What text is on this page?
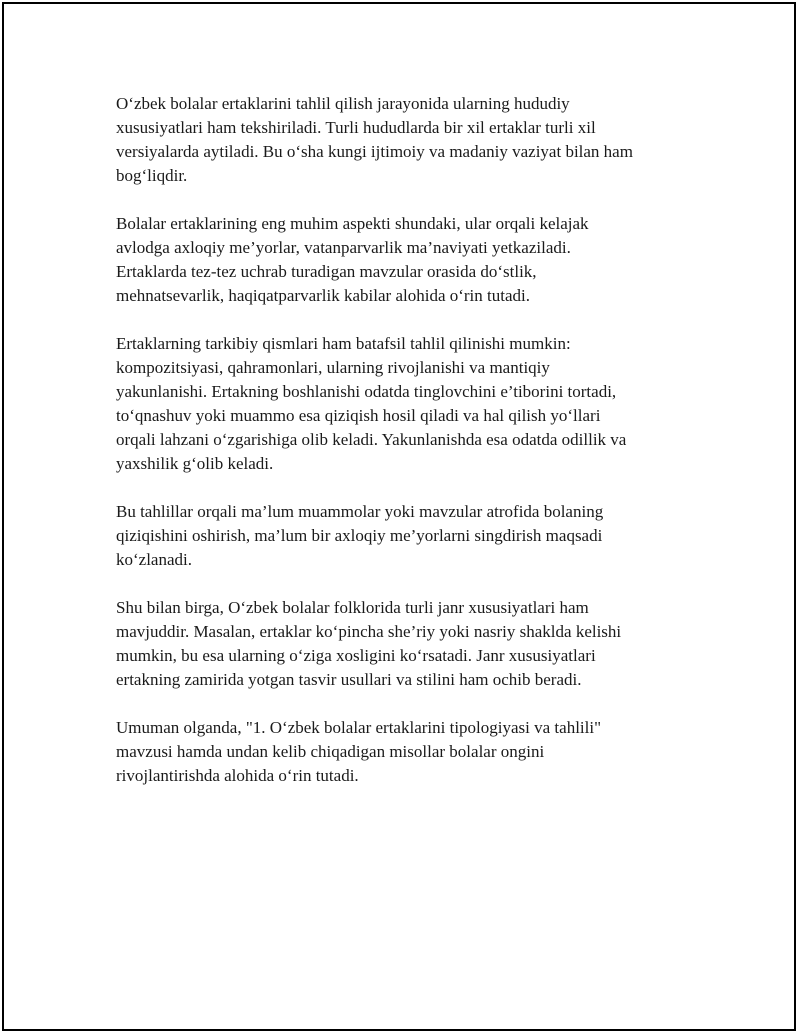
O‘zbek bolalar ertaklarini tahlil qilish jarayonida ularning hududiy
xususiyatlari ham tekshiriladi. Turli hududlarda bir xil ertaklar turli xil
versiyalarda aytiladi. Bu o‘sha kungi ijtimoiy va madaniy vaziyat bilan ham
bog‘liqdir.

Bolalar ertaklarining eng muhim aspekti shundaki, ular orqali kelajak
avlodga axloqiy me’yorlar, vatanparvarlik ma’naviyati yetkaziladi.
Ertaklarda tez-tez uchrab turadigan mavzular orasida do‘stlik,
mehnatsevarlik, haqiqatparvarlik kabilar alohida o‘rin tutadi.

Ertaklarning tarkibiy qismlari ham batafsil tahlil qilinishi mumkin:
kompozitsiyasi, qahramonlari, ularning rivojlanishi va mantiqiy
yakunlanishi. Ertakning boshlanishi odatda tinglovchini e’tiborini tortadi,
to‘qnashuv yoki muammo esa qiziqish hosil qiladi va hal qilish yo‘llari
orqali lahzani o‘zgarishiga olib keladi. Yakunlanishda esa odatda odillik va
yaxshilik g‘olib keladi.

Bu tahlillar orqali ma’lum muammolar yoki mavzular atrofida bolaning
qiziqishini oshirish, ma’lum bir axloqiy me’yorlarni singdirish maqsadi
ko‘zlanadi.

Shu bilan birga, O‘zbek bolalar folklorida turli janr xususiyatlari ham
mavjuddir. Masalan, ertaklar ko‘pincha she’riy yoki nasriy shaklda kelishi
mumkin, bu esa ularning o‘ziga xosligini ko‘rsatadi. Janr xususiyatlari
ertakning zamirida yotgan tasvir usullari va stilini ham ochib beradi.

Umuman olganda, "1. O‘zbek bolalar ertaklarini tipologiyasi va tahlili"
mavzusi hamda undan kelib chiqadigan misollar bolalar ongini
rivojlantirishda alohida o‘rin tutadi.
